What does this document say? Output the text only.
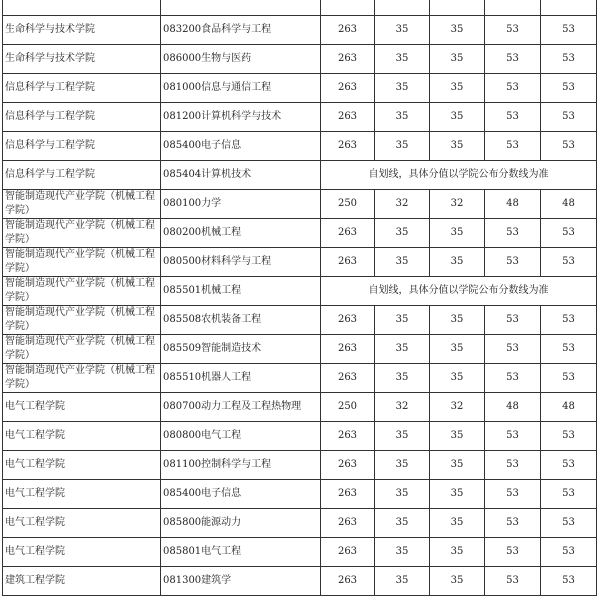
生命科学与技术学院	083200食品科学与工程	263	35	35	53	53
生命科学与技术学院	086000生物与医药	263	35	35	53	53
信息科学与工程学院	081000信息与通信工程	263	35	35	53	53
信息科学与工程学院	081200计算机科学与技术	263	35	35	53	53
信息科学与工程学院	085400电子信息	263	35	35	53	53
信息科学与工程学院	085404计算机技术	自划线，具体分值以学院公布分数线为准				
智能制造现代产业学院（机械工程学院）	080100力学	250	32	32	48	48
智能制造现代产业学院（机械工程学院）	080200机械工程	263	35	35	53	53
智能制造现代产业学院（机械工程学院）	080500材料科学与工程	263	35	35	53	53
智能制造现代产业学院（机械工程学院）	085501机械工程	自划线，具体分值以学院公布分数线为准				
智能制造现代产业学院（机械工程学院）	085508农机装备工程	263	35	35	53	53
智能制造现代产业学院（机械工程学院）	085509智能制造技术	263	35	35	53	53
智能制造现代产业学院（机械工程学院）	085510机器人工程	263	35	35	53	53
电气工程学院	080700动力工程及工程热物理	250	32	32	48	48
电气工程学院	080800电气工程	263	35	35	53	53
电气工程学院	081100控制科学与工程	263	35	35	53	53
电气工程学院	085400电子信息	263	35	35	53	53
电气工程学院	085800能源动力	263	35	35	53	53
电气工程学院	085801电气工程	263	35	35	53	53
建筑工程学院	081300建筑学	263	35	35	53	53
